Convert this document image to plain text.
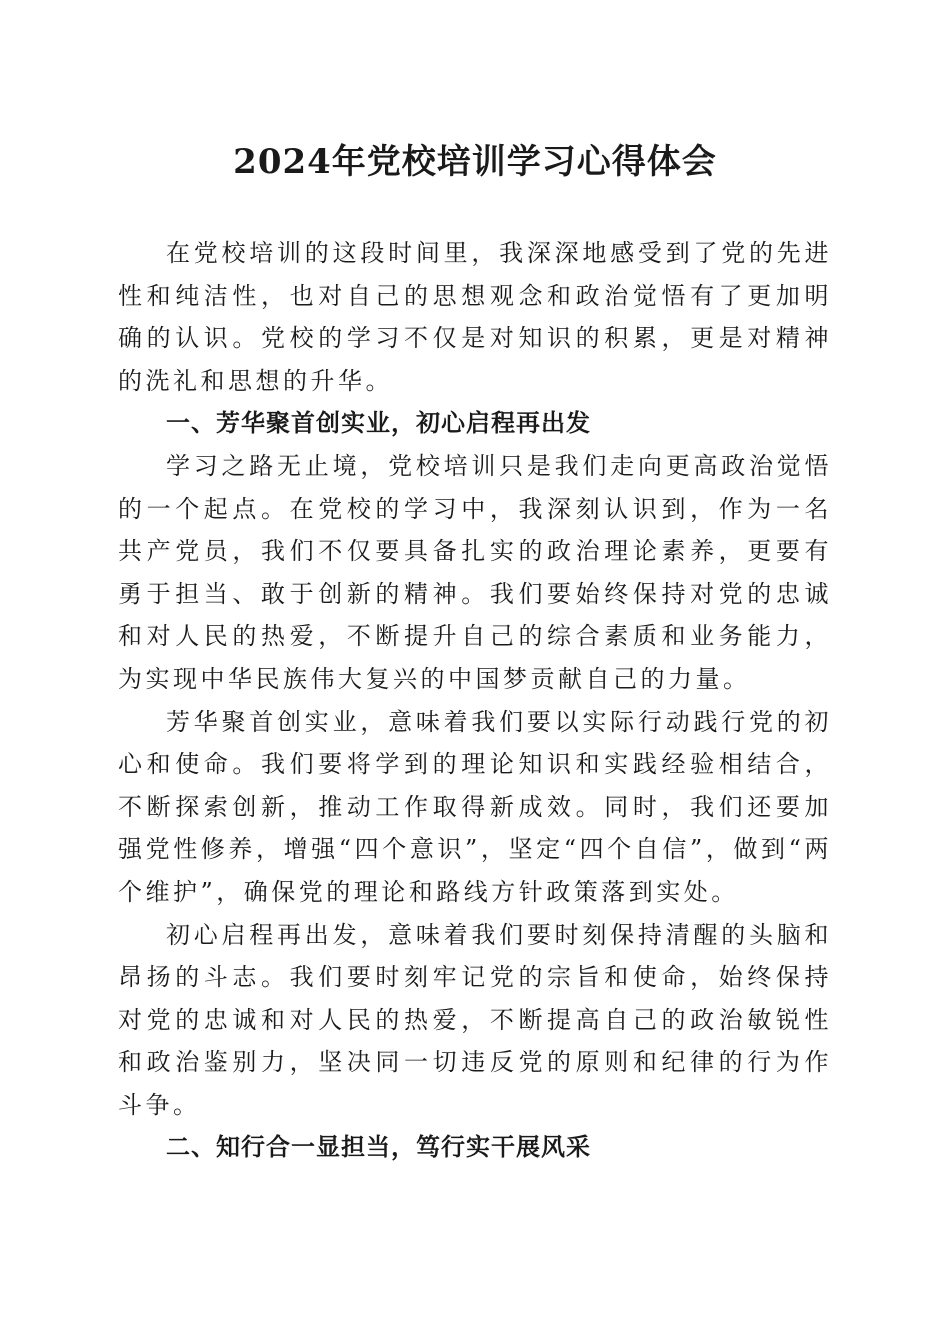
2024年党校培训学习心得体会

在党校培训的这段时间里，我深深地感受到了党的先进性和纯洁性，也对自己的思想观念和政治觉悟有了更加明确的认识。党校的学习不仅是对知识的积累，更是对精神的洗礼和思想的升华。

一、芳华聚首创实业，初心启程再出发

学习之路无止境，党校培训只是我们走向更高政治觉悟的一个起点。在党校的学习中，我深刻认识到，作为一名共产党员，我们不仅要具备扎实的政治理论素养，更要有勇于担当、敢于创新的精神。我们要始终保持对党的忠诚和对人民的热爱，不断提升自己的综合素质和业务能力，为实现中华民族伟大复兴的中国梦贡献自己的力量。

芳华聚首创实业，意味着我们要以实际行动践行党的初心和使命。我们要将学到的理论知识和实践经验相结合，不断探索创新，推动工作取得新成效。同时，我们还要加强党性修养，增强“四个意识”，坚定“四个自信”，做到“两个维护”，确保党的理论和路线方针政策落到实处。

初心启程再出发，意味着我们要时刻保持清醒的头脑和昂扬的斗志。我们要时刻牢记党的宗旨和使命，始终保持对党的忠诚和对人民的热爱，不断提高自己的政治敏锐性和政治鉴别力，坚决同一切违反党的原则和纪律的行为作斗争。

二、知行合一显担当，笃行实干展风采
